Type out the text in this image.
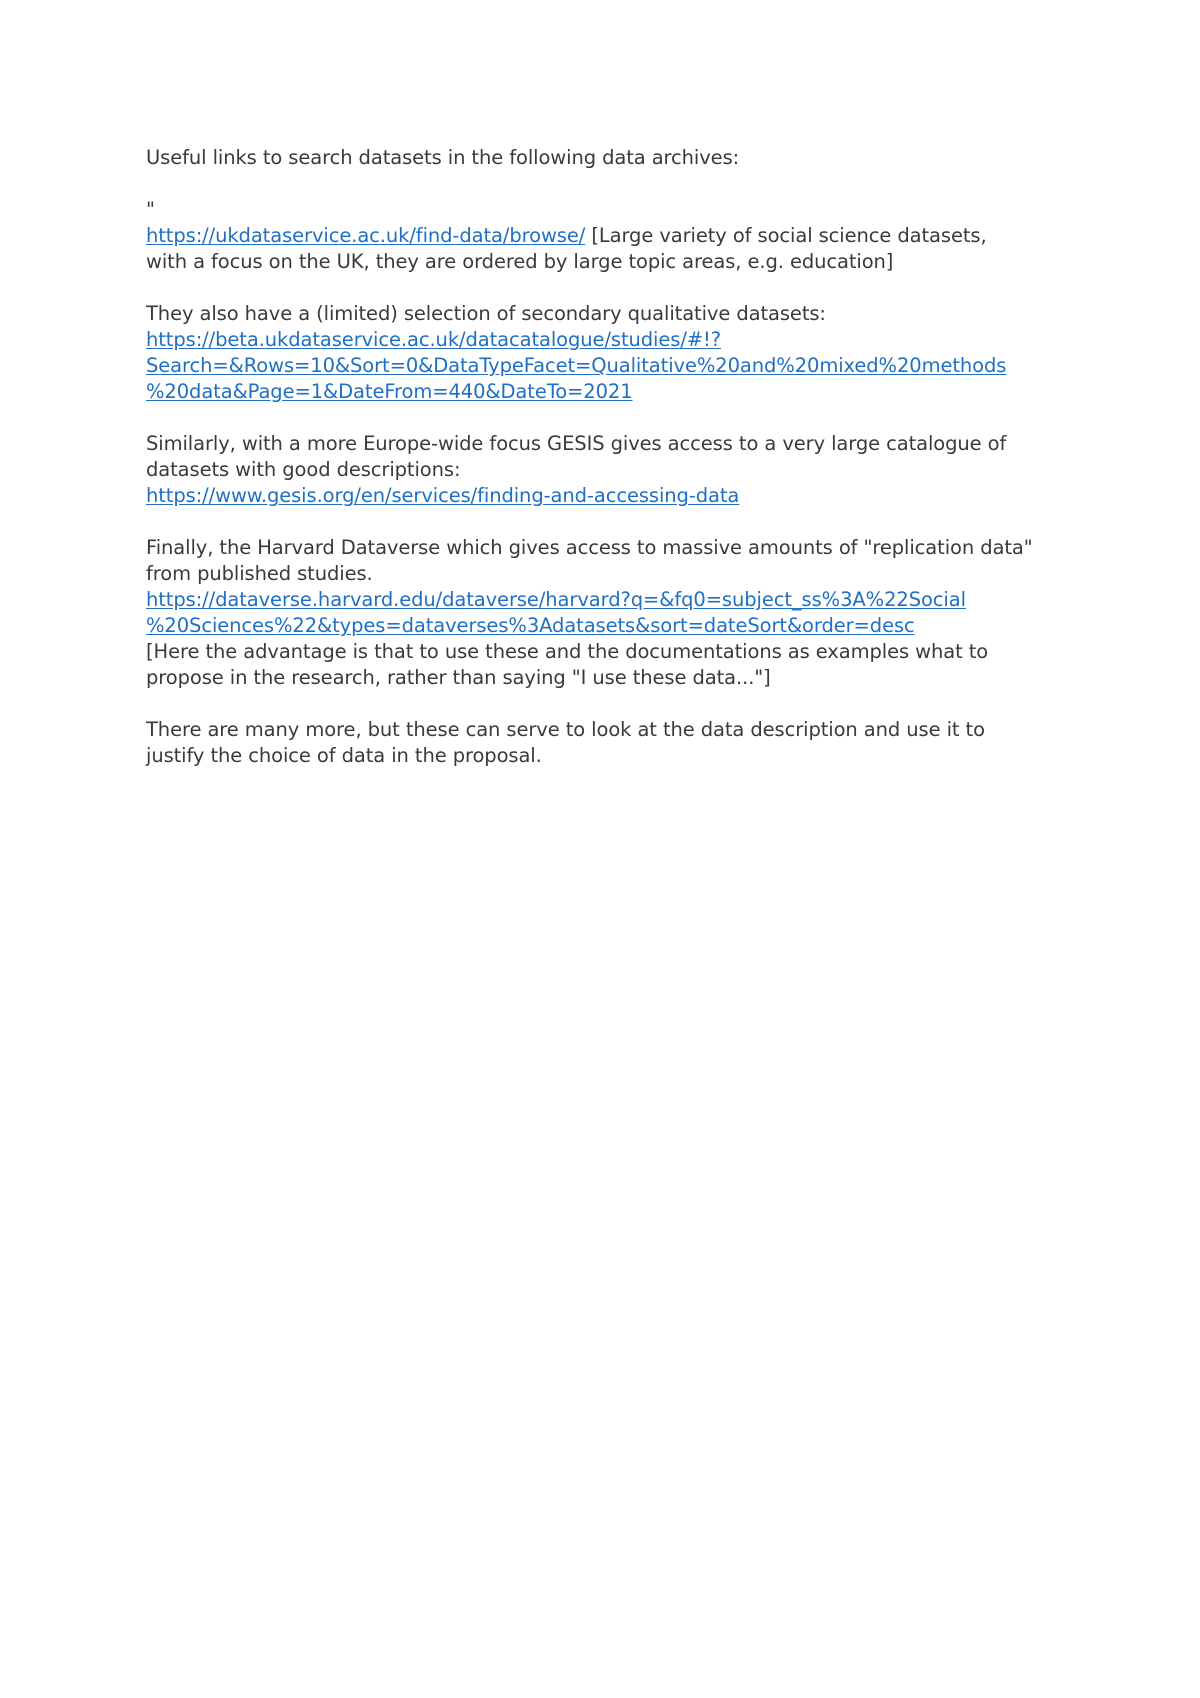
Useful links to search datasets in the following data archives:

"
https://ukdataservice.ac.uk/find-data/browse/ [Large variety of social science datasets,
with a focus on the UK, they are ordered by large topic areas, e.g. education]

They also have a (limited) selection of secondary qualitative datasets:
https://beta.ukdataservice.ac.uk/datacatalogue/studies/#!?
Search=&Rows=10&Sort=0&DataTypeFacet=Qualitative%20and%20mixed%20methods
%20data&Page=1&DateFrom=440&DateTo=2021

Similarly, with a more Europe-wide focus GESIS gives access to a very large catalogue of
datasets with good descriptions:
https://www.gesis.org/en/services/finding-and-accessing-data

Finally, the Harvard Dataverse which gives access to massive amounts of "replication data"
from published studies.
https://dataverse.harvard.edu/dataverse/harvard?q=&fq0=subject_ss%3A%22Social
%20Sciences%22&types=dataverses%3Adatasets&sort=dateSort&order=desc
[Here the advantage is that to use these and the documentations as examples what to
propose in the research, rather than saying "I use these data..."]

There are many more, but these can serve to look at the data description and use it to
justify the choice of data in the proposal.
